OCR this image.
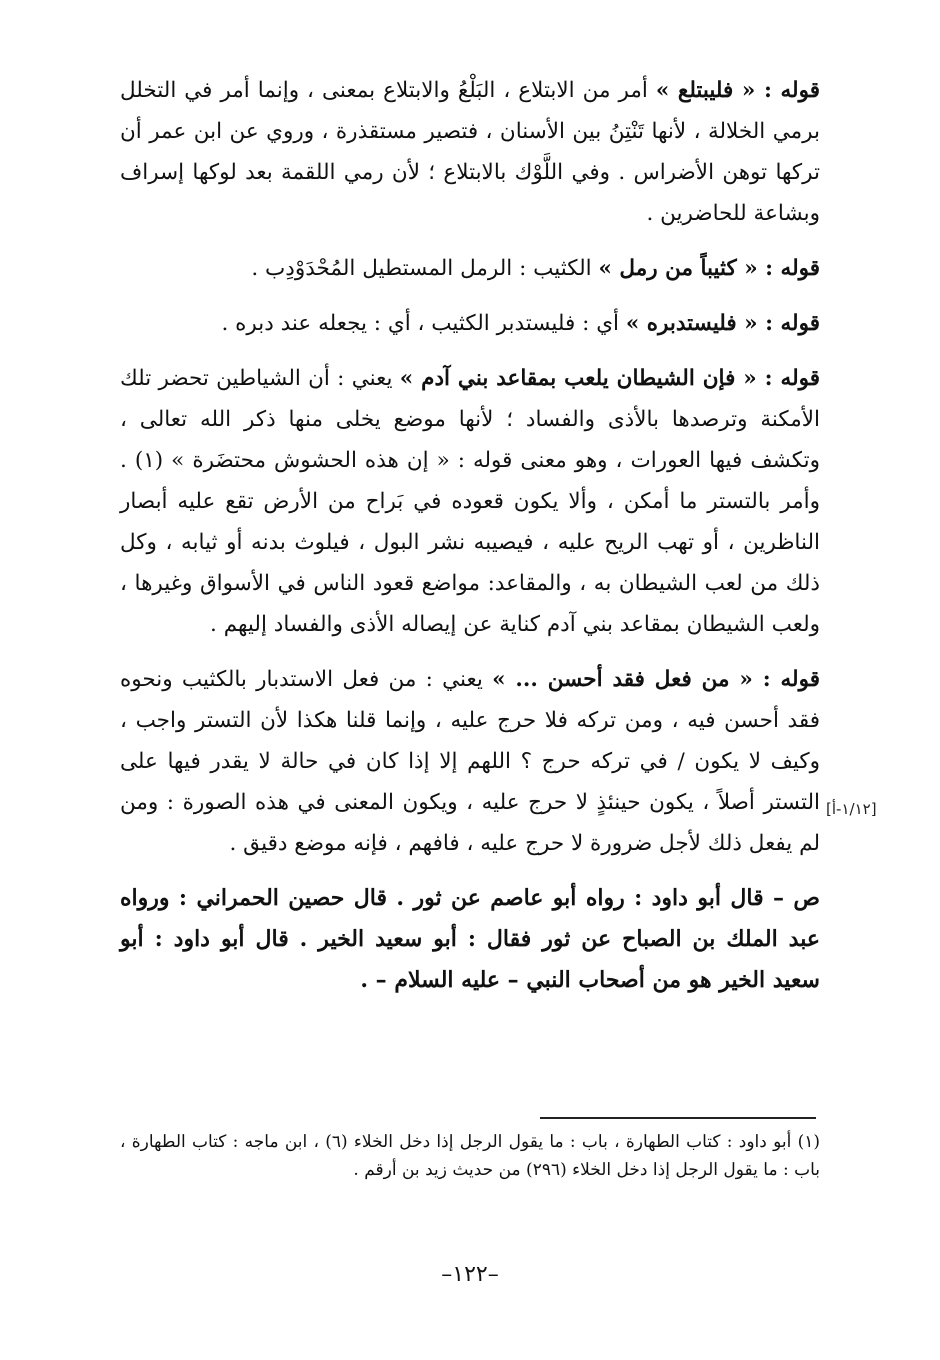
قوله : « فليبتلع » أمر من الابتلاع ، البَلْعُ والابتلاع بمعنى ، وإنما أمر في التخلل برمي الخلالة ، لأنها تَنْتِنُ بين الأسنان ، فتصير مستقذرة ، وروي عن ابن عمر أن تركها توهن الأضراس . وفي اللَّوْك بالابتلاع ؛ لأن رمي اللقمة بعد لوكها إسراف وبشاعة للحاضرين .

قوله : « كثيباً من رمل » الكثيب : الرمل المستطيل المُحْدَوْدِب .

قوله : « فليستدبره » أي : فليستدبر الكثيب ، أي : يجعله عند دبره .

قوله : « فإن الشيطان يلعب بمقاعد بني آدم » يعني : أن الشياطين تحضر تلك الأمكنة وترصدها بالأذى والفساد ؛ لأنها موضع يخلى منها ذكر الله تعالى ، وتكشف فيها العورات ، وهو معنى قوله : « إن هذه الحشوش محتضَرة » (١) . وأمر بالتستر ما أمكن ، وألا يكون قعوده في بَراح من الأرض تقع عليه أبصار الناظرين ، أو تهب الريح عليه ، فيصيبه نشر البول ، فيلوث بدنه أو ثيابه ، وكل ذلك من لعب الشيطان به ، والمقاعد: مواضع قعود الناس في الأسواق وغيرها ، ولعب الشيطان بمقاعد بني آدم كناية عن إيصاله الأذى والفساد إليهم .

قوله : « من فعل فقد أحسن ... » يعني : من فعل الاستدبار بالكثيب ونحوه فقد أحسن فيه ، ومن تركه فلا حرج عليه ، وإنما قلنا هكذا لأن التستر واجب ، وكيف لا يكون / في تركه حرج ؟ اللهم إلا إذا كان في حالة لا يقدر فيها على التستر أصلاً ، يكون حينئذٍ لا حرج عليه ، ويكون المعنى في هذه الصورة : ومن لم يفعل ذلك لأجل ضرورة لا حرج عليه ، فافهم ، فإنه موضع دقيق .

ص – قال أبو داود : رواه أبو عاصم عن ثور . قال حصين الحمراني : ورواه عبد الملك بن الصباح عن ثور فقال : أبو سعيد الخير . قال أبو داود : أبو سعيد الخير هو من أصحاب النبي – عليه السلام – .

[١/١٢-أ]
(١) أبو داود : كتاب الطهارة ، باب : ما يقول الرجل إذا دخل الخلاء (٦) ، ابن ماجه : كتاب الطهارة ، باب : ما يقول الرجل إذا دخل الخلاء (٢٩٦) من حديث زيد بن أرقم .
–١٢٢–
